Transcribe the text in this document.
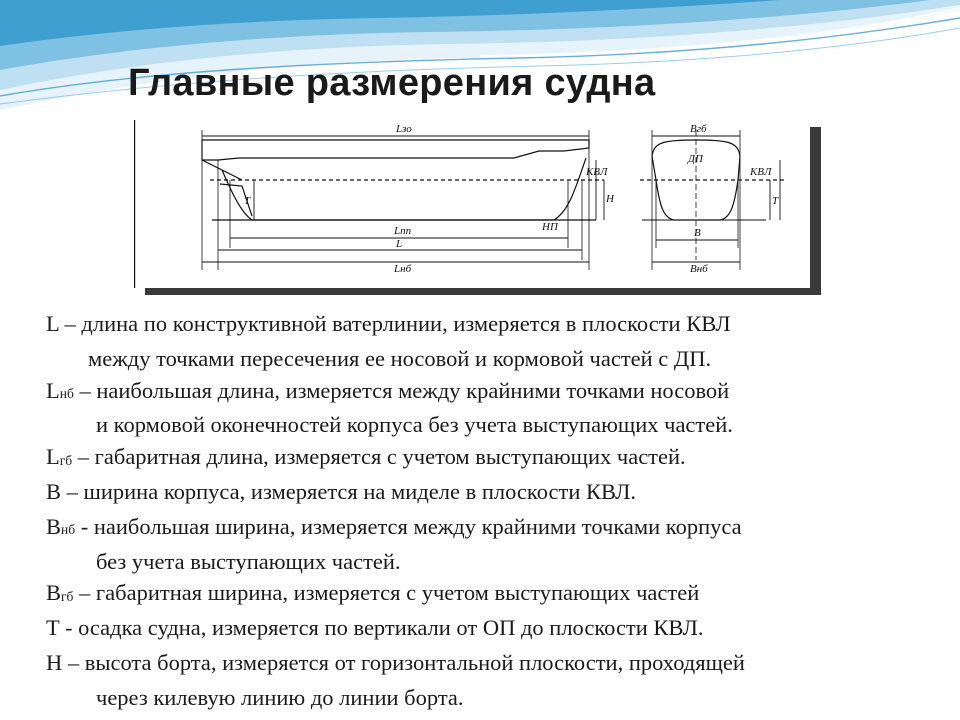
Главные размерения судна
Lзо
КВЛ
НП
Lпп
L
Lнб
T	H
Bгб
ДП
КВЛ
B
Bнб
T
L – длина по конструктивной ватерлинии, измеряется в плоскости КВЛ
между точками пересечения ее носовой и кормовой частей с ДП.
$L_{нб}$ – наибольшая длина, измеряется между крайними точками носовой
и кормовой оконечностей корпуса без учета выступающих частей.
$L_{гб}$ – габаритная длина, измеряется с учетом выступающих частей.
B – ширина корпуса, измеряется на миделе в плоскости КВЛ.
$B_{нб}$ - наибольшая ширина, измеряется между крайними точками корпуса
без учета выступающих частей.
$B_{гб}$ – габаритная ширина, измеряется с учетом выступающих частей
T - осадка судна, измеряется по вертикали от ОП до плоскости КВЛ.
H – высота борта, измеряется от горизонтальной плоскости, проходящей
через килевую линию до линии борта.
